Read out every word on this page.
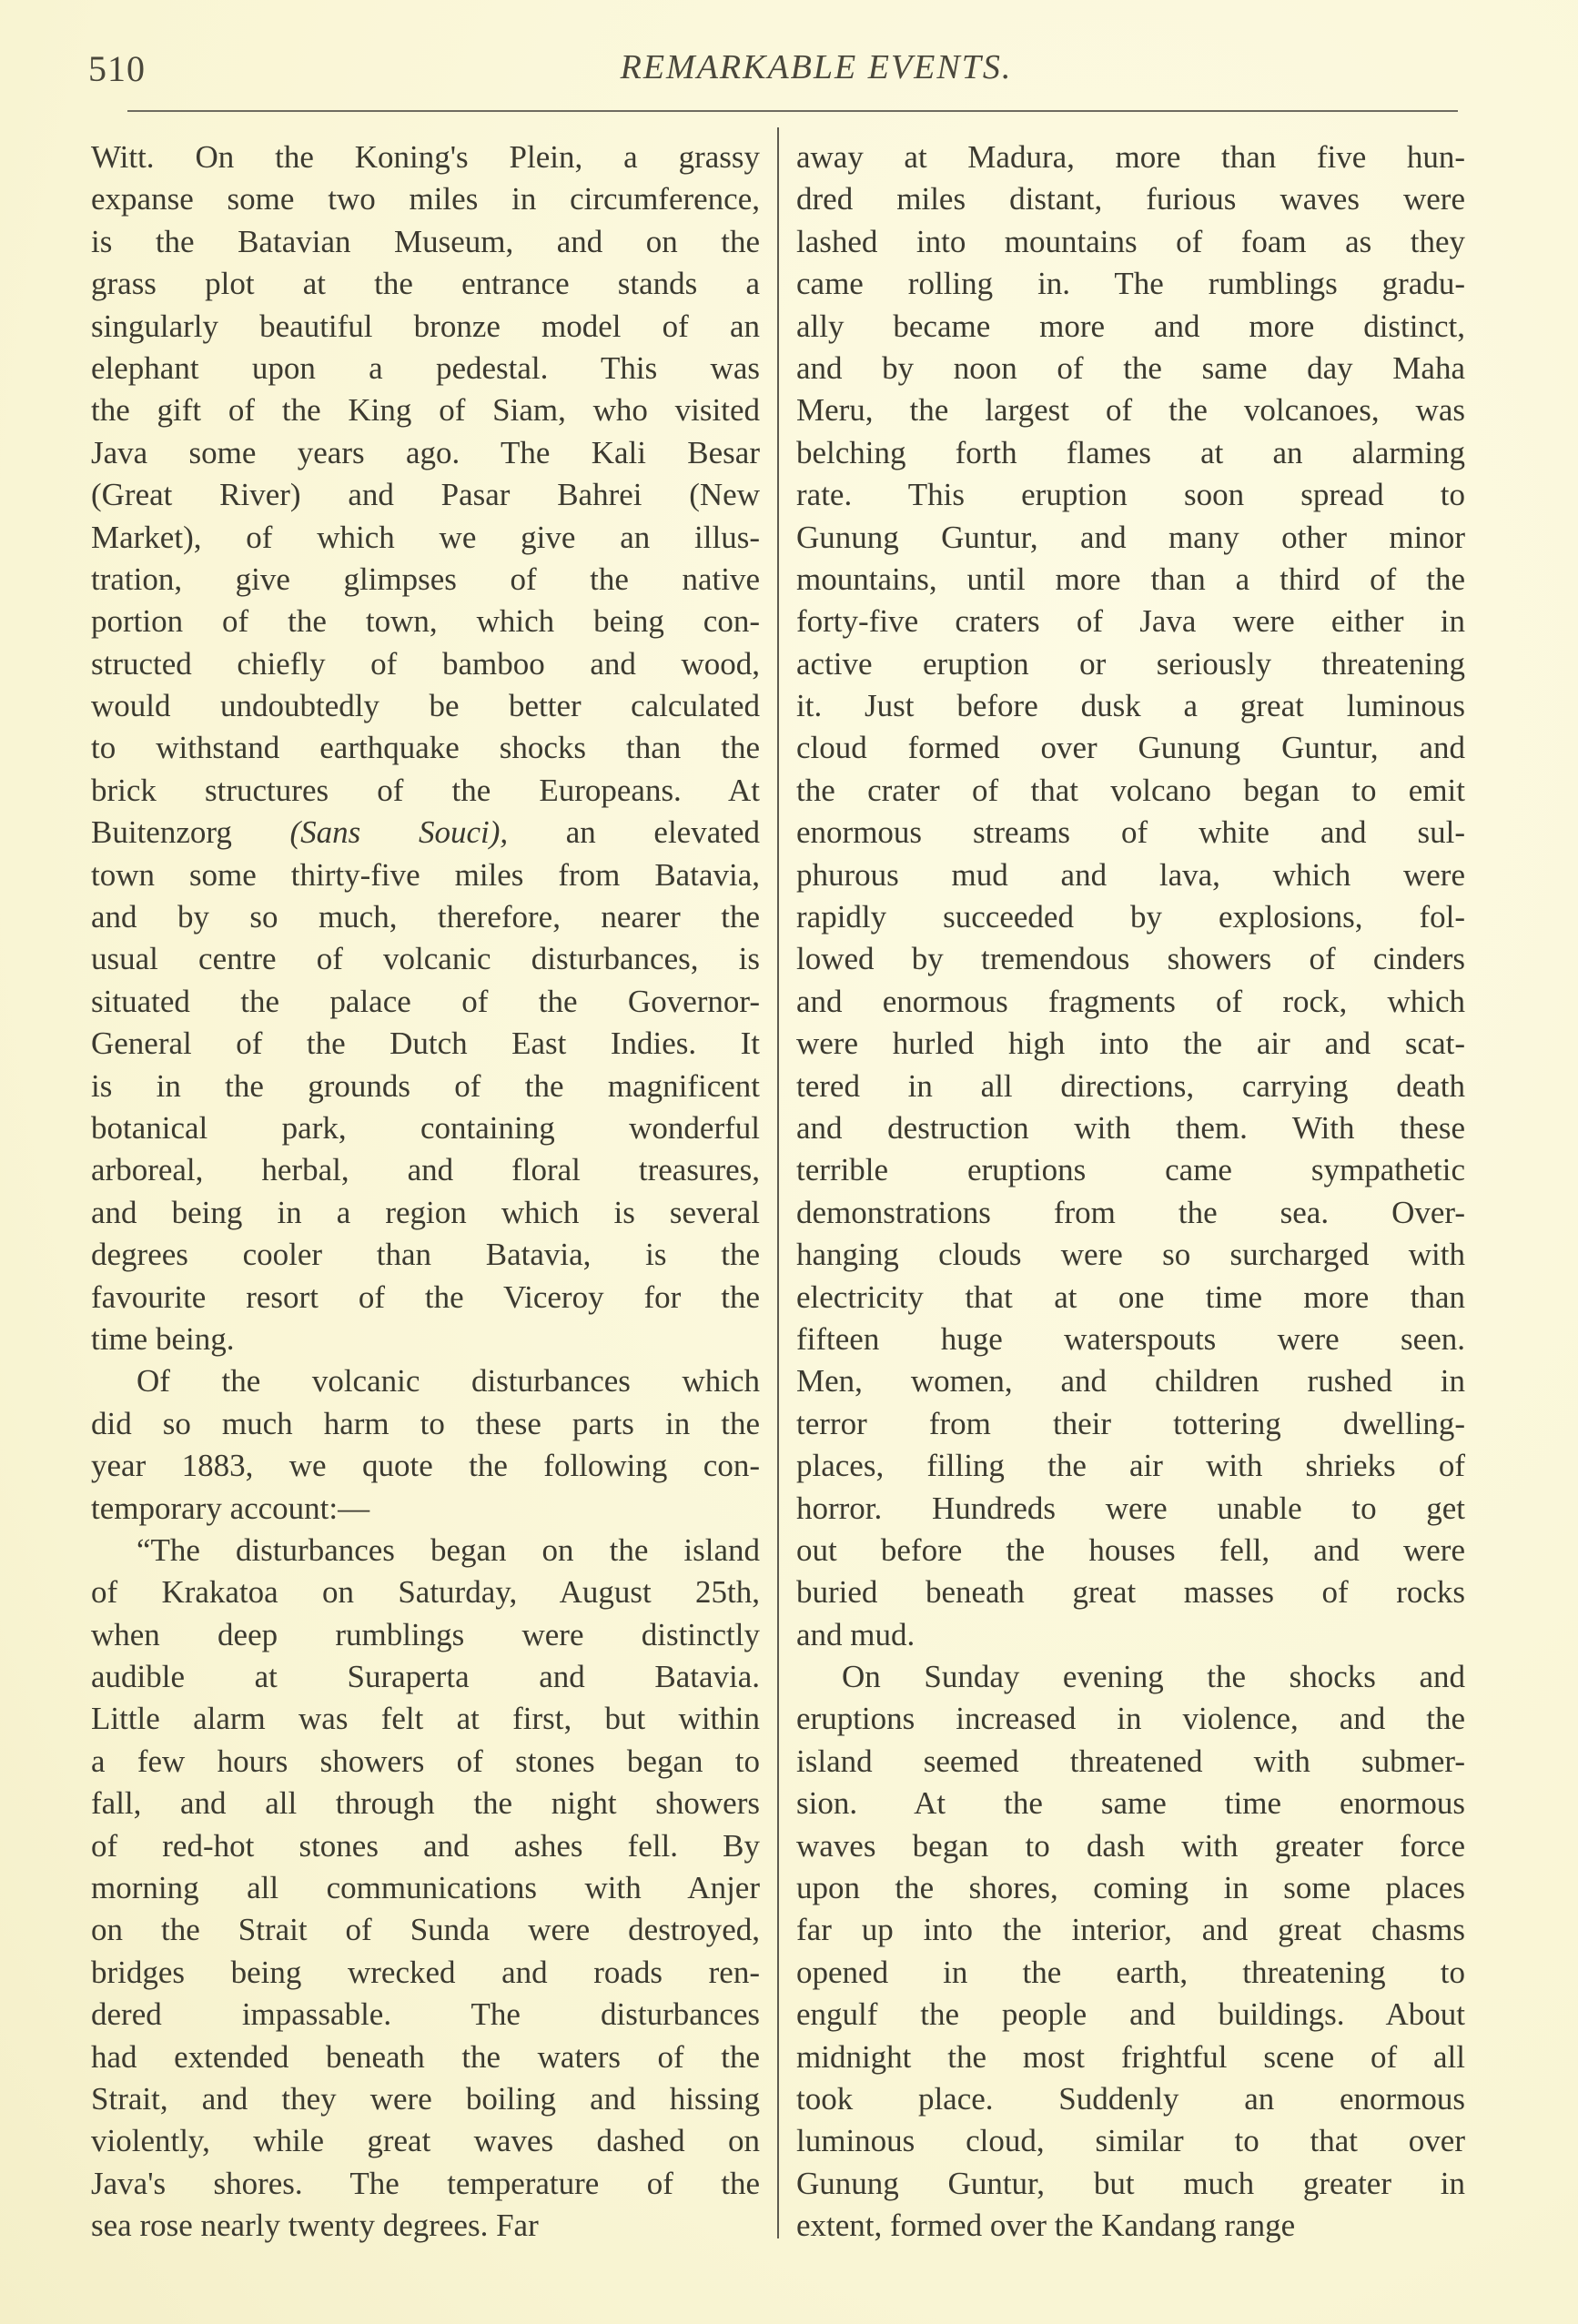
510	REMARKABLE EVENTS.
Witt. On the Koning's Plein, a grassy
expanse some two miles in circumference,
is the Batavian Museum, and on the
grass plot at the entrance stands a
singularly beautiful bronze model of an
elephant upon a pedestal. This was
the gift of the King of Siam, who visited
Java some years ago. The Kali Besar
(Great River) and Pasar Bahrei (New
Market), of which we give an illus-
tration, give glimpses of the native
portion of the town, which being con-
structed chiefly of bamboo and wood,
would undoubtedly be better calculated
to withstand earthquake shocks than the
brick structures of the Europeans. At
Buitenzorg (Sans Souci), an elevated
town some thirty-five miles from Batavia,
and by so much, therefore, nearer the
usual centre of volcanic disturbances, is
situated the palace of the Governor-
General of the Dutch East Indies. It
is in the grounds of the magnificent
botanical park, containing wonderful
arboreal, herbal, and floral treasures,
and being in a region which is several
degrees cooler than Batavia, is the
favourite resort of the Viceroy for the
time being.
Of the volcanic disturbances which
did so much harm to these parts in the
year 1883, we quote the following con-
temporary account:—
“The disturbances began on the island
of Krakatoa on Saturday, August 25th,
when deep rumblings were distinctly
audible at Suraperta and Batavia.
Little alarm was felt at first, but within
a few hours showers of stones began to
fall, and all through the night showers
of red-hot stones and ashes fell. By
morning all communications with Anjer
on the Strait of Sunda were destroyed,
bridges being wrecked and roads ren-
dered impassable. The disturbances
had extended beneath the waters of the
Strait, and they were boiling and hissing
violently, while great waves dashed on
Java's shores. The temperature of the
sea rose nearly twenty degrees. Far
away at Madura, more than five hun-
dred miles distant, furious waves were
lashed into mountains of foam as they
came rolling in. The rumblings gradu-
ally became more and more distinct,
and by noon of the same day Maha
Meru, the largest of the volcanoes, was
belching forth flames at an alarming
rate. This eruption soon spread to
Gunung Guntur, and many other minor
mountains, until more than a third of the
forty-five craters of Java were either in
active eruption or seriously threatening
it. Just before dusk a great luminous
cloud formed over Gunung Guntur, and
the crater of that volcano began to emit
enormous streams of white and sul-
phurous mud and lava, which were
rapidly succeeded by explosions, fol-
lowed by tremendous showers of cinders
and enormous fragments of rock, which
were hurled high into the air and scat-
tered in all directions, carrying death
and destruction with them. With these
terrible eruptions came sympathetic
demonstrations from the sea. Over-
hanging clouds were so surcharged with
electricity that at one time more than
fifteen huge waterspouts were seen.
Men, women, and children rushed in
terror from their tottering dwelling-
places, filling the air with shrieks of
horror. Hundreds were unable to get
out before the houses fell, and were
buried beneath great masses of rocks
and mud.
On Sunday evening the shocks and
eruptions increased in violence, and the
island seemed threatened with submer-
sion. At the same time enormous
waves began to dash with greater force
upon the shores, coming in some places
far up into the interior, and great chasms
opened in the earth, threatening to
engulf the people and buildings. About
midnight the most frightful scene of all
took place. Suddenly an enormous
luminous cloud, similar to that over
Gunung Guntur, but much greater in
extent, formed over the Kandang range
